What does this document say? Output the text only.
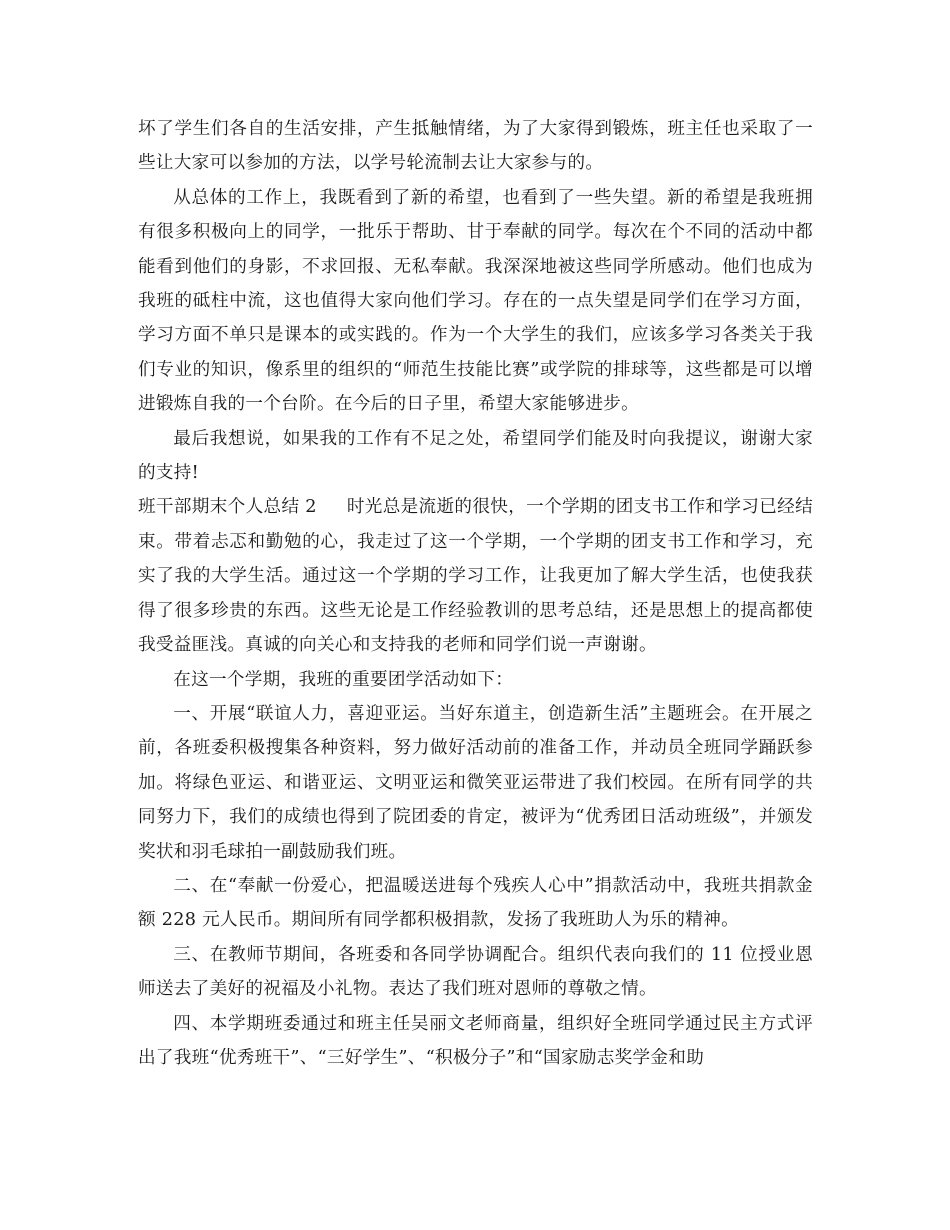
坏了学生们各自的生活安排，产生抵触情绪，为了大家得到锻炼，班主任也采取了一些让大家可以参加的方法，以学号轮流制去让大家参与的。

从总体的工作上，我既看到了新的希望，也看到了一些失望。新的希望是我班拥有很多积极向上的同学，一批乐于帮助、甘于奉献的同学。每次在个不同的活动中都能看到他们的身影，不求回报、无私奉献。我深深地被这些同学所感动。他们也成为我班的砥柱中流，这也值得大家向他们学习。存在的一点失望是同学们在学习方面，学习方面不单只是课本的或实践的。作为一个大学生的我们，应该多学习各类关于我们专业的知识，像系里的组织的“师范生技能比赛”或学院的排球等，这些都是可以增进锻炼自我的一个台阶。在今后的日子里，希望大家能够进步。

最后我想说，如果我的工作有不足之处，希望同学们能及时向我提议，谢谢大家的支持!

班干部期末个人总结 2 时光总是流逝的很快，一个学期的团支书工作和学习已经结束。带着忐忑和勤勉的心，我走过了这一个学期，一个学期的团支书工作和学习，充实了我的大学生活。通过这一个学期的学习工作，让我更加了解大学生活，也使我获得了很多珍贵的东西。这些无论是工作经验教训的思考总结，还是思想上的提高都使我受益匪浅。真诚的向关心和支持我的老师和同学们说一声谢谢。

在这一个学期，我班的重要团学活动如下：

一、开展“联谊人力，喜迎亚运。当好东道主，创造新生活”主题班会。在开展之前，各班委积极搜集各种资料，努力做好活动前的准备工作，并动员全班同学踊跃参加。将绿色亚运、和谐亚运、文明亚运和微笑亚运带进了我们校园。在所有同学的共同努力下，我们的成绩也得到了院团委的肯定，被评为“优秀团日活动班级”，并颁发奖状和羽毛球拍一副鼓励我们班。

二、在“奉献一份爱心，把温暖送进每个残疾人心中”捐款活动中，我班共捐款金额 228 元人民币。期间所有同学都积极捐款，发扬了我班助人为乐的精神。

三、在教师节期间，各班委和各同学协调配合。组织代表向我们的 11 位授业恩师送去了美好的祝福及小礼物。表达了我们班对恩师的尊敬之情。

四、本学期班委通过和班主任吴丽文老师商量，组织好全班同学通过民主方式评出了我班“优秀班干”、“三好学生”、“积极分子”和“国家励志奖学金和助
